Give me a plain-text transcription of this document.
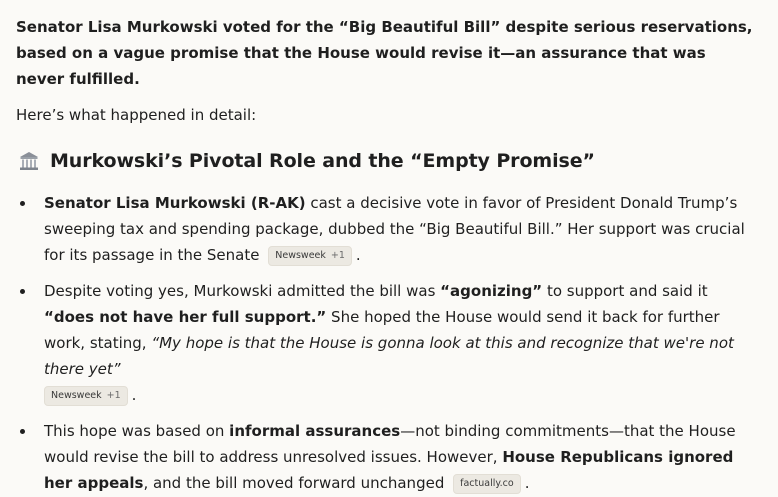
Senator Lisa Murkowski voted for the “Big Beautiful Bill” despite serious reservations, based on a vague promise that the House would revise it—an assurance that was never fulfilled.

Here’s what happened in detail:

Murkowski’s Pivotal Role and the “Empty Promise”
Senator Lisa Murkowski (R-AK) cast a decisive vote in favor of President Donald Trump’s sweeping tax and spending package, dubbed the “Big Beautiful Bill.” Her support was crucial for its passage in the Senate Newsweek +1 .
Despite voting yes, Murkowski admitted the bill was “agonizing” to support and said it “does not have her full support.” She hoped the House would send it back for further work, stating, “My hope is that the House is gonna look at this and recognize that we're not there yet”

Newsweek +1 .
This hope was based on informal assurances—not binding commitments—that the House would revise the bill to address unresolved issues. However, House Republicans ignored her appeals, and the bill moved forward unchanged factually.co .
